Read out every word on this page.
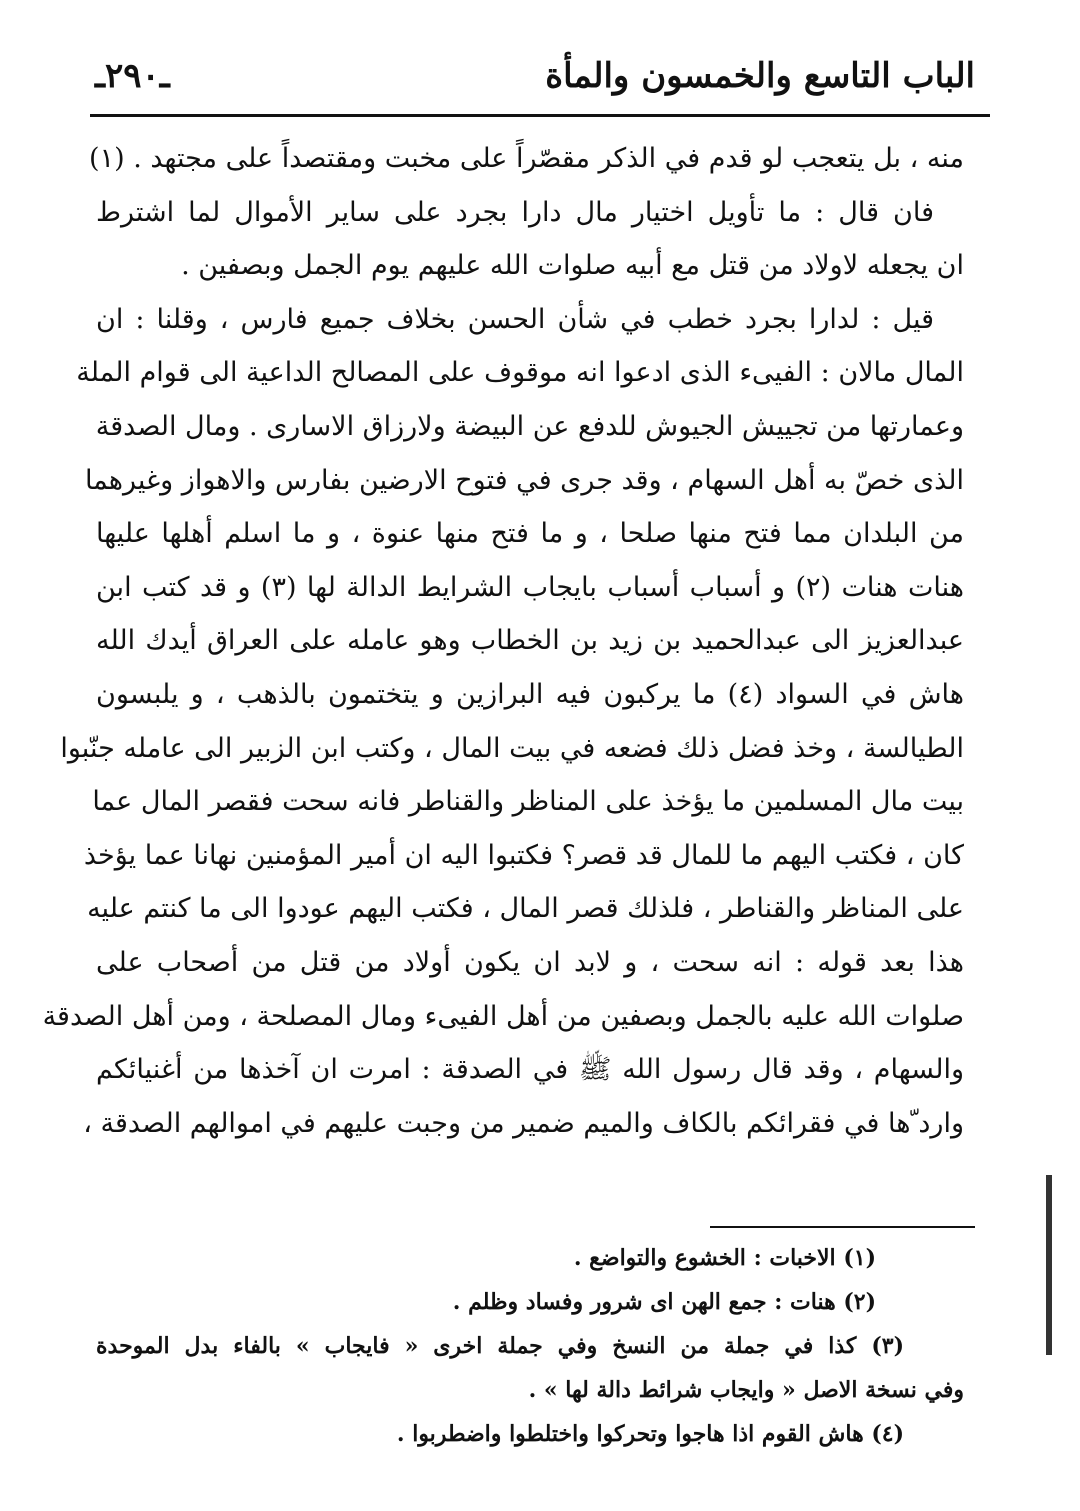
الباب التاسع والخمسون والمأة
ـ٢٩٠ـ
منه ، بل يتعجب لو قدم في الذكر مقصّراً على مخبت ومقتصداً على مجتهد . (١)
فان قال : ما تأويل اختيار مال دارا بجرد على ساير الأموال لما اشترط
ان يجعله لاولاد من قتل مع أبيه صلوات الله عليهم يوم الجمل وبصفين .
قيل : لدارا بجرد خطب في شأن الحسن بخلاف جميع فارس ، وقلنا : ان
المال مالان : الفيىء الذى ادعوا انه موقوف على المصالح الداعية الى قوام الملة
وعمارتها من تجييش الجيوش للدفع عن البيضة ولارزاق الاسارى . ومال الصدقة
الذى خصّ به أهل السهام ، وقد جرى في فتوح الارضين بفارس والاهواز وغيرهما
من البلدان مما فتح منها صلحا ، و ما فتح منها عنوة ، و ما اسلم أهلها عليها
هنات هنات (٢) و أسباب أسباب بايجاب الشرايط الدالة لها (٣) و قد كتب ابن
عبدالعزيز الى عبدالحميد بن زيد بن الخطاب وهو عامله على العراق أيدك الله
هاش في السواد (٤) ما يركبون فيه البرازين و يتختمون بالذهب ، و يلبسون
الطيالسة ، وخذ فضل ذلك فضعه في بيت المال ، وكتب ابن الزبير الى عامله جنّبوا
بيت مال المسلمين ما يؤخذ على المناظر والقناطر فانه سحت فقصر المال عما
كان ، فكتب اليهم ما للمال قد قصر؟ فكتبوا اليه ان أمير المؤمنين نهانا عما يؤخذ
على المناظر والقناطر ، فلذلك قصر المال ، فكتب اليهم عودوا الى ما كنتم عليه
هذا بعد قوله : انه سحت ، و لابد ان يكون أولاد من قتل من أصحاب على
صلوات الله عليه بالجمل وبصفين من أهل الفيىء ومال المصلحة ، ومن أهل الصدقة
والسهام ، وقد قال رسول الله ﷺ في الصدقة : امرت ان آخذها من أغنيائكم
وارد ّها في فقرائكم بالكاف والميم ضمير من وجبت عليهم في اموالهم الصدقة ،
(١) الاخبات : الخشوع والتواضع .
(٢) هنات : جمع الهن اى شرور وفساد وظلم .
(٣) كذا في جملة من النسخ وفي جملة اخرى « فايجاب » بالفاء بدل الموحدة
وفي نسخة الاصل « وايجاب شرائط دالة لها » .
(٤) هاش القوم اذا هاجوا وتحركوا واختلطوا واضطربوا .
